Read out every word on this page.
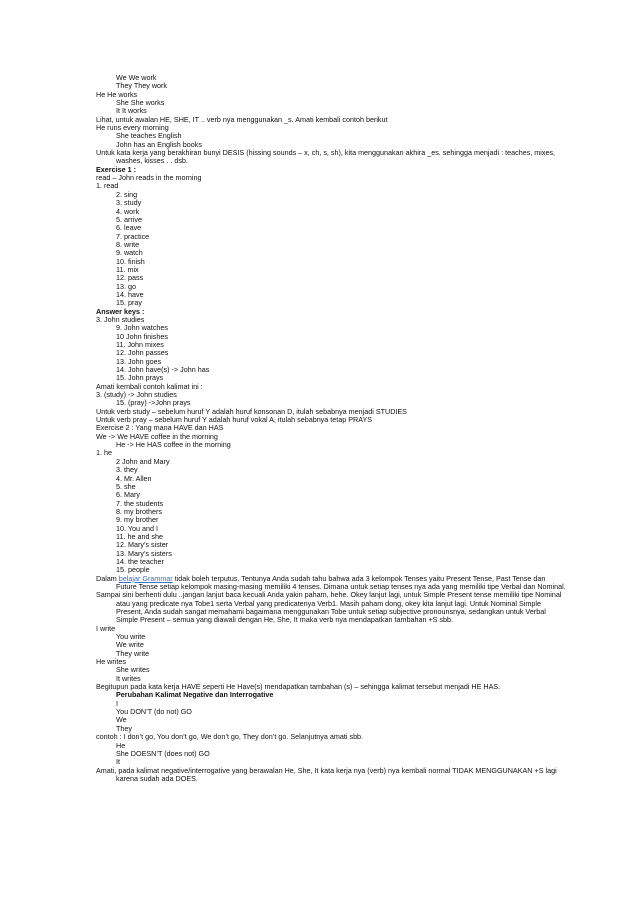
We We work
They They work
He He works
She She works
It It works
Lihat, untuk awalan HE, SHE, IT .. verb nya menggunakan _s. Amati kembali contoh berikut
He runs every morning
She teaches English
John has an English books
Untuk kata kerja yang berakhiran bunyi DESIS (hissing sounds – x, ch, s, sh), kita menggunakan akhira _es. sehingga menjadi : teaches, mixes, washes, kisses . . dsb.
Exercise 1 :
read – John reads in the morning
1. read
2. sing
3. study
4. work
5. arrive
6. leave
7. practice
8. write
9. watch
10. finish
11. mix
12. pass
13. go
14. have
15. pray
Answer keys :
3. John studies
9. John watches
10 John finishes
11. John mixes
12. John passes
13. John goes
14. John have(s) -> John has
15. John prays
Amati kembali contoh kalimat ini :
3. (study) -> John studies
15. (pray) ->John prays
Untuk verb study – sebelum huruf Y adalah huruf konsonan D, itulah sebabnya menjadi STUDIES
Untuk verb pray – sebelum huruf Y adalah huruf vokal A, itulah sebabnya tetap PRAYS
Exercise 2 : Yang mana HAVE dan HAS
We -> We HAVE coffee in the morning
He -> He HAS coffee in the morning
1. he
2 John and Mary
3. they
4. Mr. Allen
5. she
6. Mary
7. the students
8. my brothers
9. my brother
10. You and I
11. he and she
12. Mary’s sister
13. Mary’s sisters
14. the teacher
15. people
Dalam belajar Grammar tidak boleh terputus. Tentunya Anda sudah tahu bahwa ada 3 kelompok Tenses yaitu Present Tense, Past Tense dan Future Tense setiap kelompok masing-masing memiliki 4 tenses. Dimana untuk setiap tenses nya ada yang memiliki tipe Verbal dan Nominal.
Sampai sini berhenti dulu ..jangan lanjut baca kecuali Anda yakin paham, hehe. Okey lanjut lagi, untuk Simple Present tense memiliki tipe Nominal atau yang predicate nya Tobe1 serta Verbal yang predicatenya Verb1. Masih paham dong, okey kita lanjut lagi. Untuk Nominal Simple Present, Anda sudah sangat memahami bagaimana menggunakan Tobe untuk setiap subjective pronounsnya, sedangkan untuk Verbal Simple Present – semua yang diawali dengan He, She, It maka verb nya mendapatkan tambahan +S sbb.
I write
You write
We write
They write
He writes
She writes
It writes
Begitupun pada kata kerja HAVE seperti He Have(s) mendapatkan tambahan (s) – sehingga kalimat tersebut menjadi HE HAS.
Perubahan Kalimat Negative dan Interrogative
I
You DON’T (do not) GO
We
They
contoh : I don’t go, You don’t go, We don’t go, They don’t go. Selanjutnya amati sbb.
He
She DOESN’T (does not) GO
It
Amati, pada kalimat negative/interrogative yang berawalan He, She, It kata kerja nya (verb) nya kembali normal TIDAK MENGGUNAKAN +S lagi karena sudah ada DOES.
